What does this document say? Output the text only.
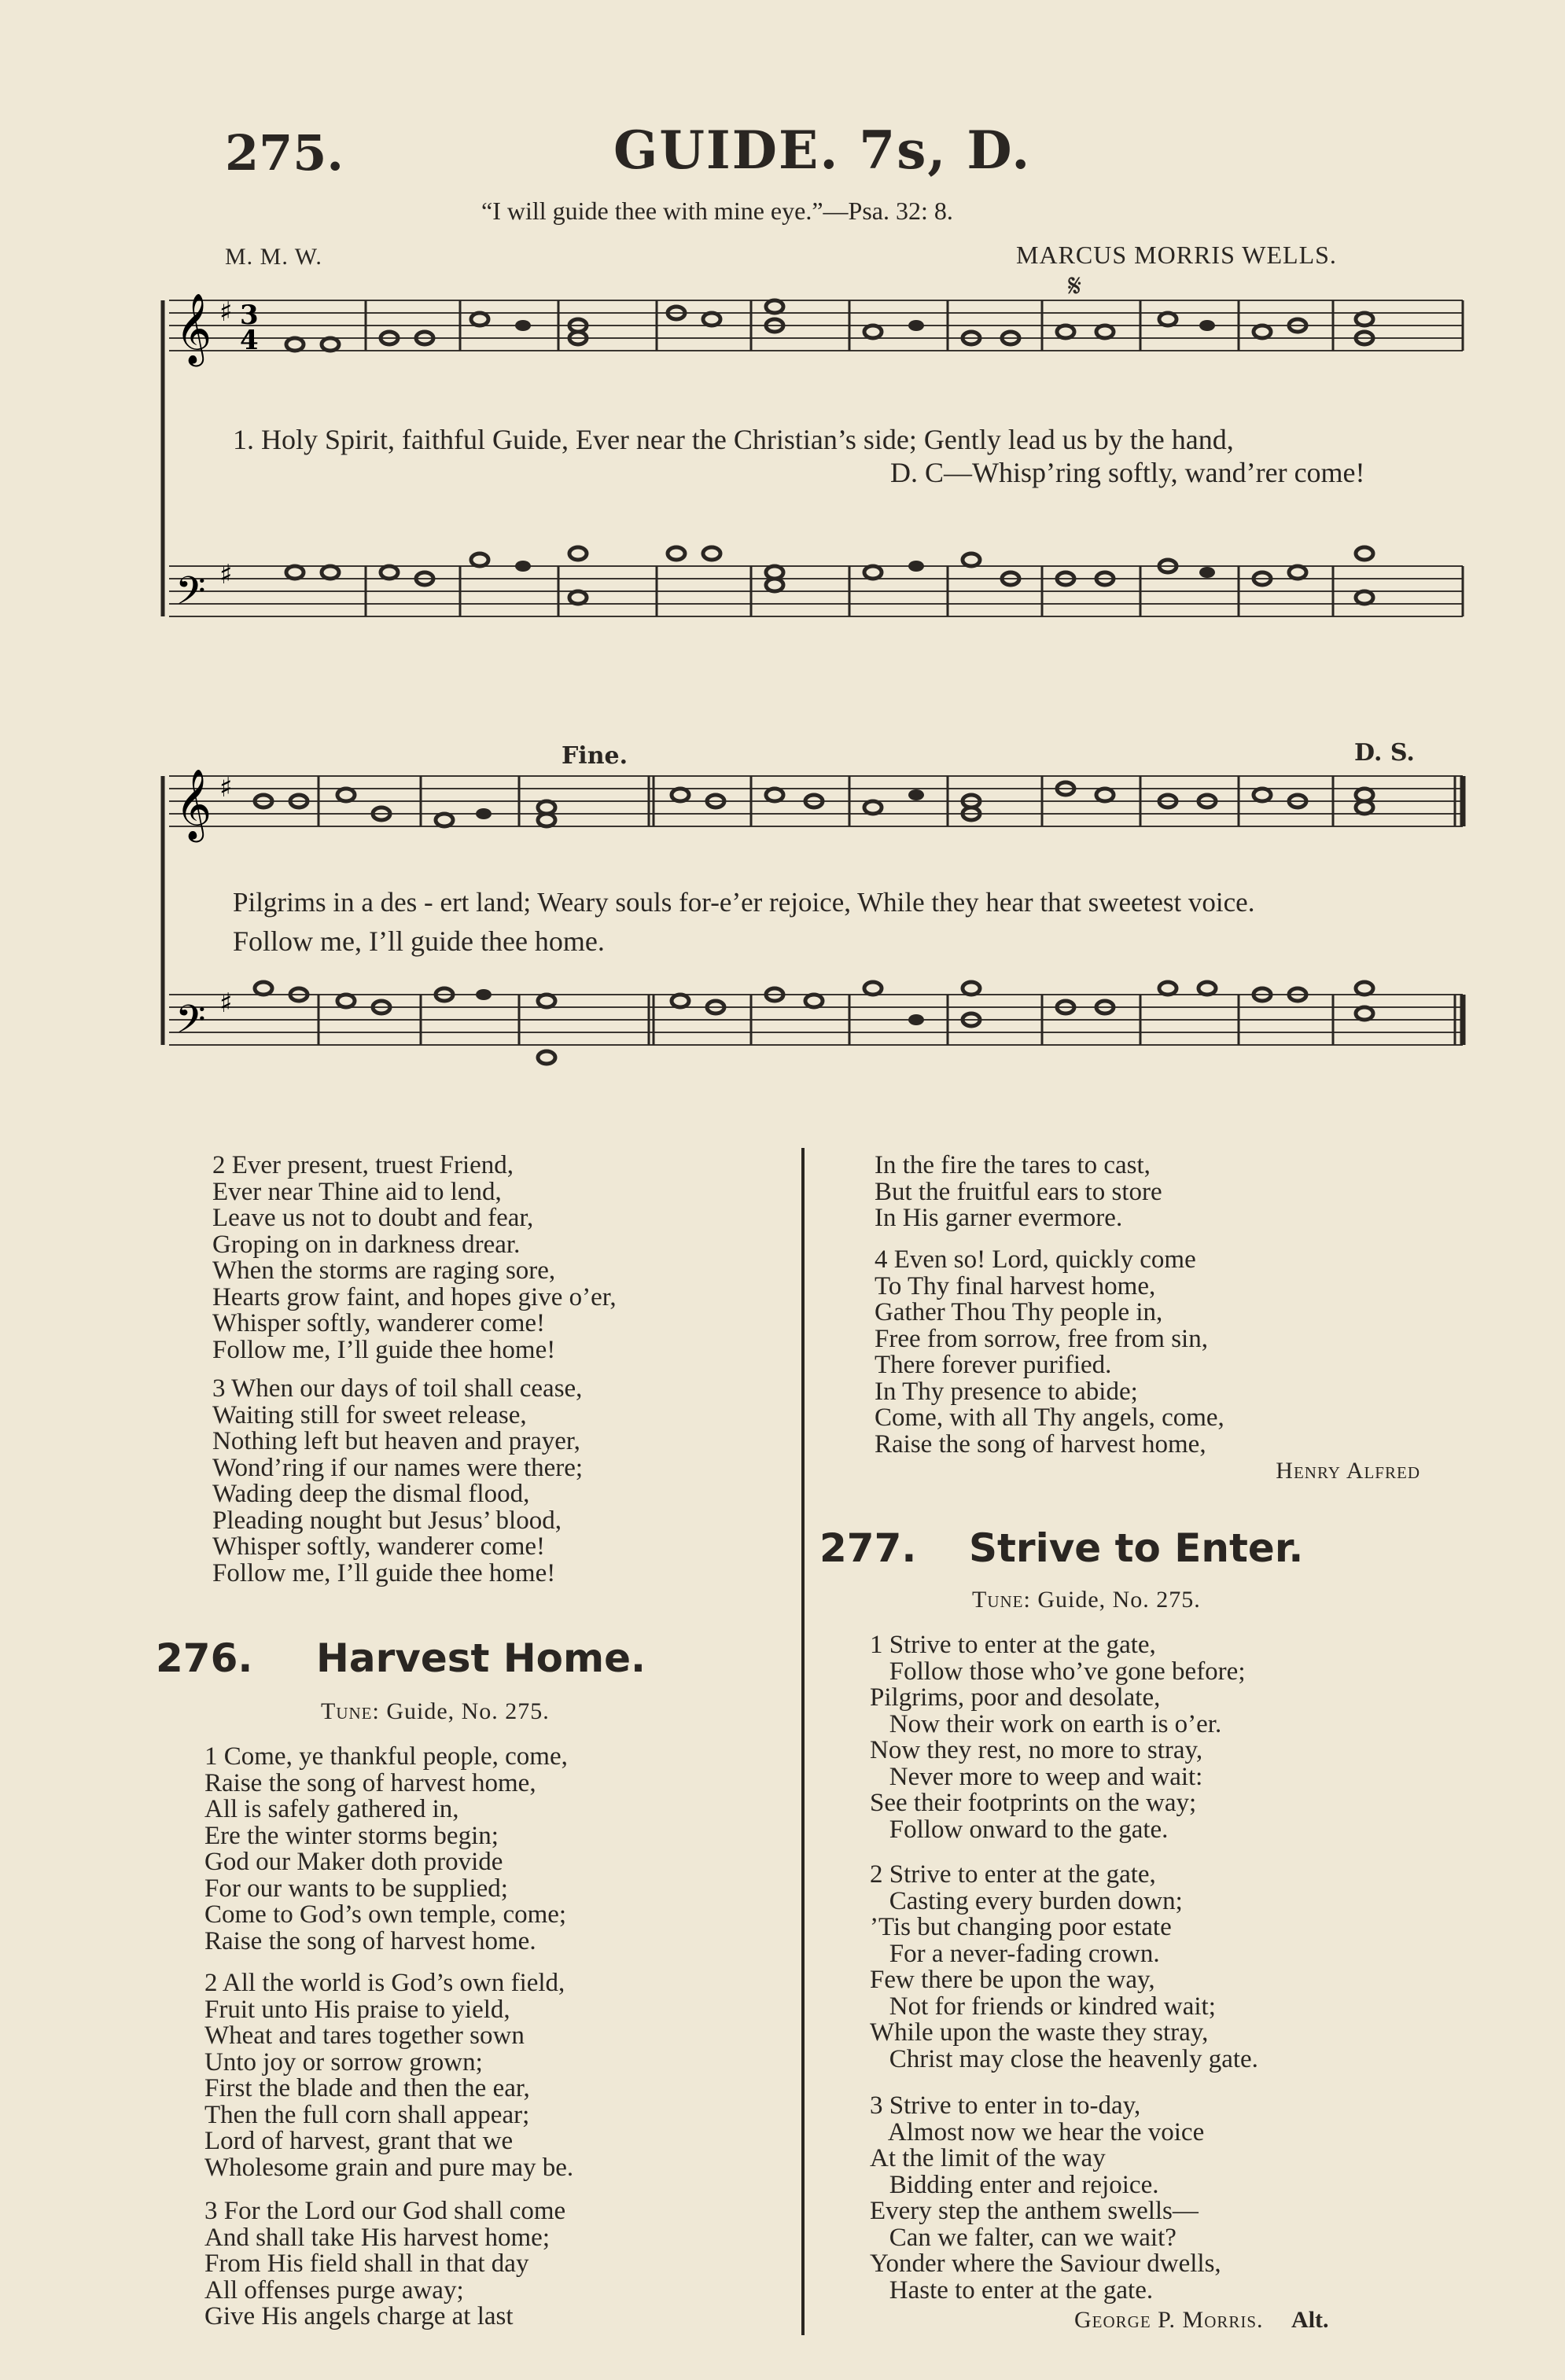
275.	GUIDE. 7s, D.
“I will guide thee with mine eye.”—Psa. 32: 8.
M. M. W.	MARCUS MORRIS WELLS.
𝄋
𝄞
𝄢
♯
♯
3
4
1. Holy Spirit, faithful Guide, Ever near the Christian’s side; Gently lead us by the hand,
D. C—Whisp’ring softly, wand’rer come!
Fine.	D. S.
𝄞
𝄢
♯
♯
Pilgrims in a des - ert land; Weary souls for-e’er rejoice, While they hear that sweetest voice.
Follow me, I’ll guide thee home.
2 Ever present, truest Friend,
Ever near Thine aid to lend,
Leave us not to doubt and fear,
Groping on in darkness drear.
When the storms are raging sore,
Hearts grow faint, and hopes give o’er,
Whisper softly, wanderer come!
Follow me, I’ll guide thee home!
3 When our days of toil shall cease,
Waiting still for sweet release,
Nothing left but heaven and prayer,
Wond’ring if our names were there;
Wading deep the dismal flood,
Pleading nought but Jesus’ blood,
Whisper softly, wanderer come!
Follow me, I’ll guide thee home!
276. Harvest Home.
Tune: Guide, No. 275.
1 Come, ye thankful people, come,
Raise the song of harvest home,
All is safely gathered in,
Ere the winter storms begin;
God our Maker doth provide
For our wants to be supplied;
Come to God’s own temple, come;
Raise the song of harvest home.
2 All the world is God’s own field,
Fruit unto His praise to yield,
Wheat and tares together sown
Unto joy or sorrow grown;
First the blade and then the ear,
Then the full corn shall appear;
Lord of harvest, grant that we
Wholesome grain and pure may be.
3 For the Lord our God shall come
And shall take His harvest home;
From His field shall in that day
All offenses purge away;
Give His angels charge at last
In the fire the tares to cast,
But the fruitful ears to store
In His garner evermore.
4 Even so! Lord, quickly come
To Thy final harvest home,
Gather Thou Thy people in,
Free from sorrow, free from sin,
There forever purified.
In Thy presence to abide;
Come, with all Thy angels, come,
Raise the song of harvest home,
Henry Alfred
277. Strive to Enter.
Tune: Guide, No. 275.
1 Strive to enter at the gate,
Follow those who’ve gone before;
Pilgrims, poor and desolate,
Now their work on earth is o’er.
Now they rest, no more to stray,
Never more to weep and wait:
See their footprints on the way;
Follow onward to the gate.
2 Strive to enter at the gate,
Casting every burden down;
’Tis but changing poor estate
For a never-fading crown.
Few there be upon the way,
Not for friends or kindred wait;
While upon the waste they stray,
Christ may close the heavenly gate.
3 Strive to enter in to-day,
Almost now we hear the voice
At the limit of the way
Bidding enter and rejoice.
Every step the anthem swells—
Can we falter, can we wait?
Yonder where the Saviour dwells,
Haste to enter at the gate.
George P. Morris. Alt.
